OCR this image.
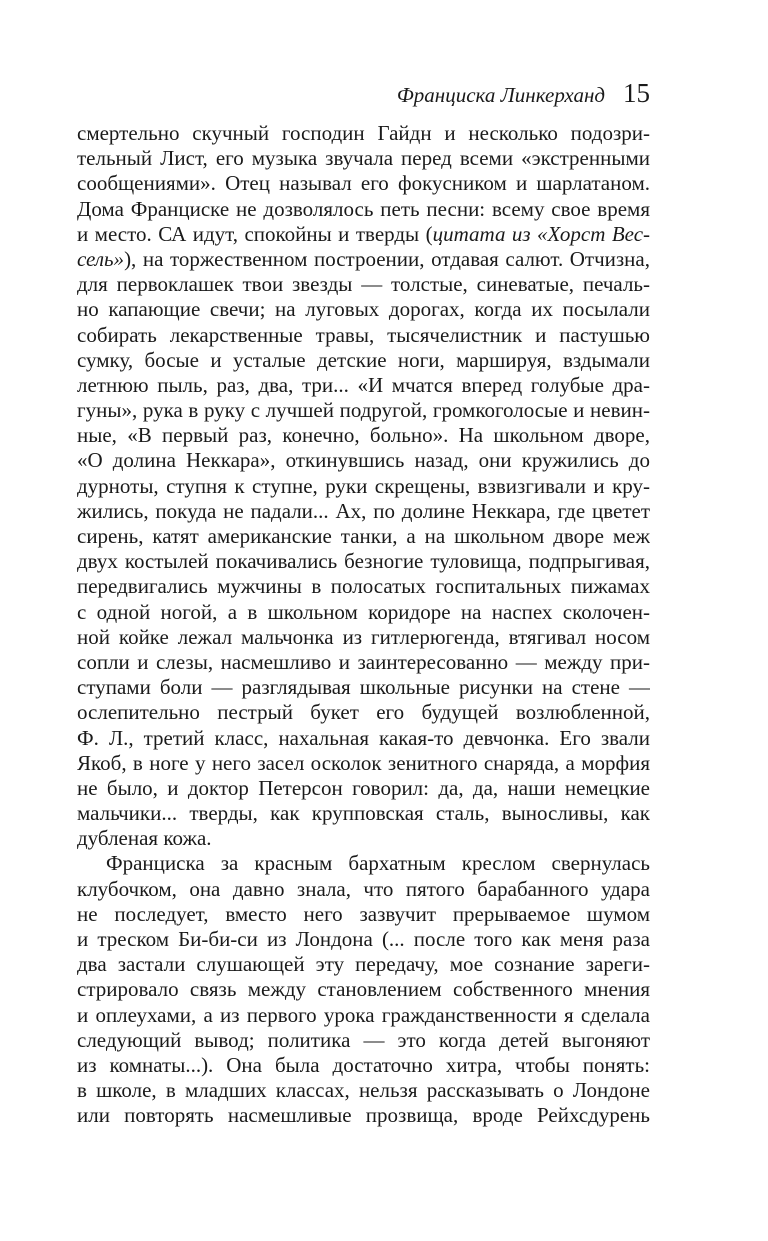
Франциска Линкерханд 15
смертельно скучный господин Гайдн и несколько подозри-
тельный Лист, его музыка звучала перед всеми «экстренными
сообщениями». Отец называл его фокусником и шарлатаном.
Дома Франциске не дозволялось петь песни: всему свое время
и место. СА идут, спокойны и тверды (цитата из «Хорст Вес-
сель»), на торжественном построении, отдавая салют. Отчизна,
для первоклашек твои звезды — толстые, синеватые, печаль-
но капающие свечи; на луговых дорогах, когда их посылали
собирать лекарственные травы, тысячелистник и пастушью
сумку, босые и усталые детские ноги, маршируя, вздымали
летнюю пыль, раз, два, три... «И мчатся вперед голубые дра-
гуны», рука в руку с лучшей подругой, громкоголосые и невин-
ные, «В первый раз, конечно, больно». На школьном дворе,
«О долина Неккара», откинувшись назад, они кружились до
дурноты, ступня к ступне, руки скрещены, взвизгивали и кру-
жились, покуда не падали... Ах, по долине Неккара, где цветет
сирень, катят американские танки, а на школьном дворе меж
двух костылей покачивались безногие туловища, подпрыгивая,
передвигались мужчины в полосатых госпитальных пижамах
с одной ногой, а в школьном коридоре на наспех сколочен-
ной койке лежал мальчонка из гитлерюгенда, втягивал носом
сопли и слезы, насмешливо и заинтересованно — между при-
ступами боли — разглядывая школьные рисунки на стене —
ослепительно пестрый букет его будущей возлюбленной,
Ф. Л., третий класс, нахальная какая-то девчонка. Его звали
Якоб, в ноге у него засел осколок зенитного снаряда, а морфия
не было, и доктор Петерсон говорил: да, да, наши немецкие
мальчики... тверды, как крупповская сталь, выносливы, как
дубленая кожа.
Франциска за красным бархатным креслом свернулась
клубочком, она давно знала, что пятого барабанного удара
не последует, вместо него зазвучит прерываемое шумом
и треском Би-би-си из Лондона (... после того как меня раза
два застали слушающей эту передачу, мое сознание зареги-
стрировало связь между становлением собственного мнения
и оплеухами, а из первого урока гражданственности я сделала
следующий вывод; политика — это когда детей выгоняют
из комнаты...). Она была достаточно хитра, чтобы понять:
в школе, в младших классах, нельзя рассказывать о Лондоне
или повторять насмешливые прозвища, вроде Рейхсдурень
